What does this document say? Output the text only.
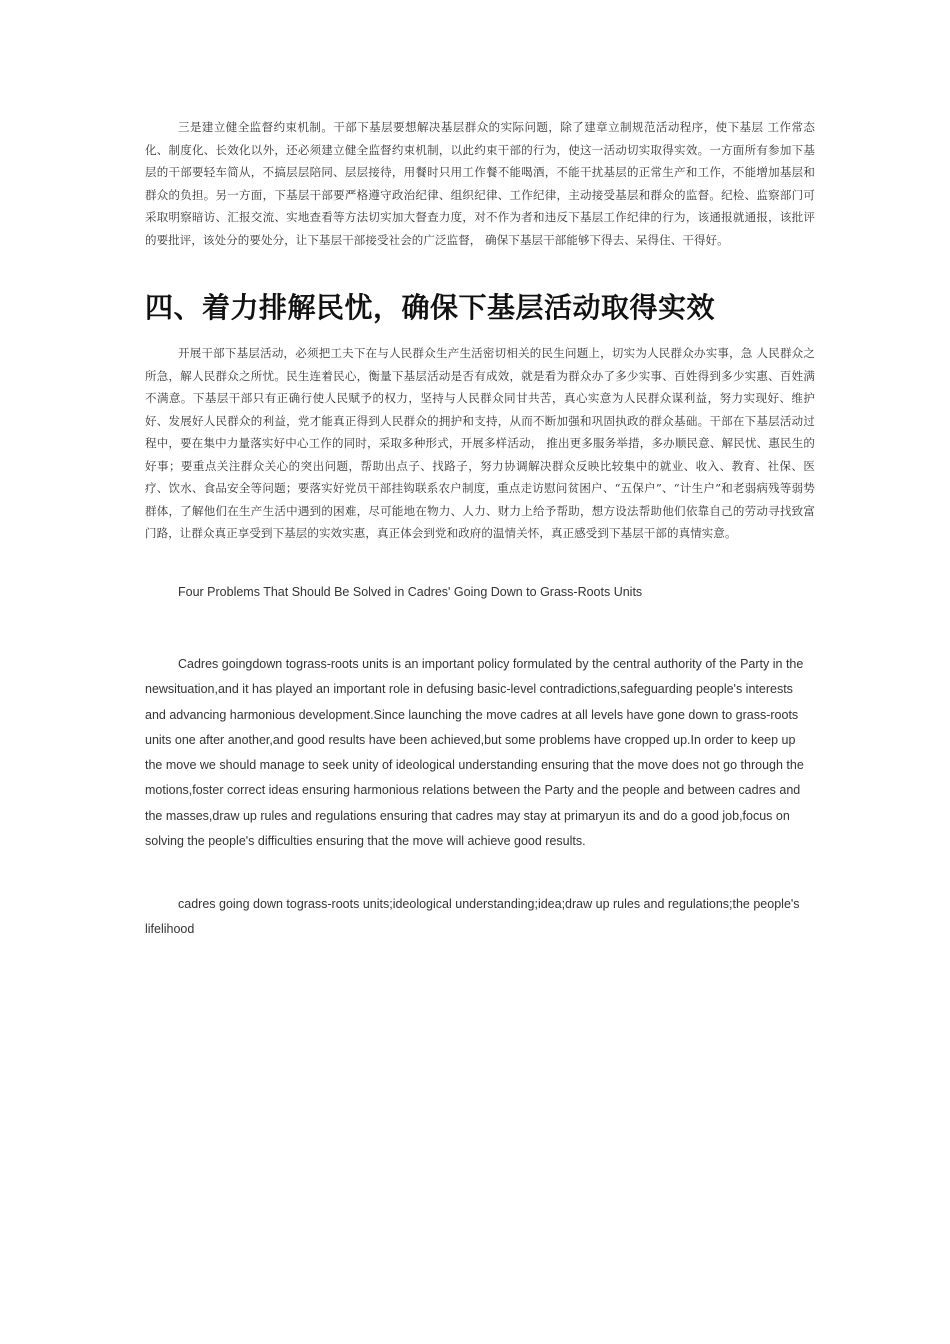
三是建立健全监督约束机制。干部下基层要想解决基层群众的实际问题，除了建章立制规范活动程序，使下基层 工作常态化、制度化、长效化以外，还必须建立健全监督约束机制，以此约束干部的行为，使这一活动切实取得实效。一方面所有参加下基层的干部要轻车简从，不搞层层陪同、层层接待，用餐时只用工作餐不能喝酒，不能干扰基层的正常生产和工作，不能增加基层和群众的负担。另一方面，下基层干部要严格遵守政治纪律、组织纪律、工作纪律，主动接受基层和群众的监督。纪检、监察部门可采取明察暗访、汇报交流、实地查看等方法切实加大督查力度，对不作为者和违反下基层工作纪律的行为，该通报就通报，该批评的要批评，该处分的要处分，让下基层干部接受社会的广泛监督， 确保下基层干部能够下得去、呆得住、干得好。

四、着力排解民忧，确保下基层活动取得实效

开展干部下基层活动，必须把工夫下在与人民群众生产生活密切相关的民生问题上，切实为人民群众办实事，急 人民群众之所急，解人民群众之所忧。民生连着民心，衡量下基层活动是否有成效，就是看为群众办了多少实事、百姓得到多少实惠、百姓满不满意。下基层干部只有正确行使人民赋予的权力，坚持与人民群众同甘共苦，真心实意为人民群众谋利益，努力实现好、维护好、发展好人民群众的利益，党才能真正得到人民群众的拥护和支持，从而不断加强和巩固执政的群众基础。干部在下基层活动过程中，要在集中力量落实好中心工作的同时，采取多种形式，开展多样活动， 推出更多服务举措，多办顺民意、解民忧、惠民生的好事；要重点关注群众关心的突出问题，帮助出点子、找路子，努力协调解决群众反映比较集中的就业、收入、教育、社保、医疗、饮水、食品安全等问题；要落实好党员干部挂钩联系农户制度，重点走访慰问贫困户、“五保户”、“计生户”和老弱病残等弱势群体，了解他们在生产生活中遇到的困难，尽可能地在物力、人力、财力上给予帮助，想方设法帮助他们依靠自己的劳动寻找致富门路，让群众真正享受到下基层的实效实惠，真正体会到党和政府的温情关怀，真正感受到下基层干部的真情实意。

Four Problems That Should Be Solved in Cadres' Going Down to Grass-Roots Units

Cadres goingdown tograss-roots units is an important policy formulated by the central authority of the Party in the newsituation,and it has played an important role in defusing basic-level contradictions,safeguarding people's interests and advancing harmonious development.Since launching the move cadres at all levels have gone down to grass-roots units one after another,and good results have been achieved,but some problems have cropped up.In order to keep up the move we should manage to seek unity of ideological understanding ensuring that the move does not go through the motions,foster correct ideas ensuring harmonious relations between the Party and the people and between cadres and the masses,draw up rules and regulations ensuring that cadres may stay at primaryun its and do a good job,focus on solving the people's difficulties ensuring that the move will achieve good results.

cadres going down tograss-roots units;ideological understanding;idea;draw up rules and regulations;the people's lifelihood
